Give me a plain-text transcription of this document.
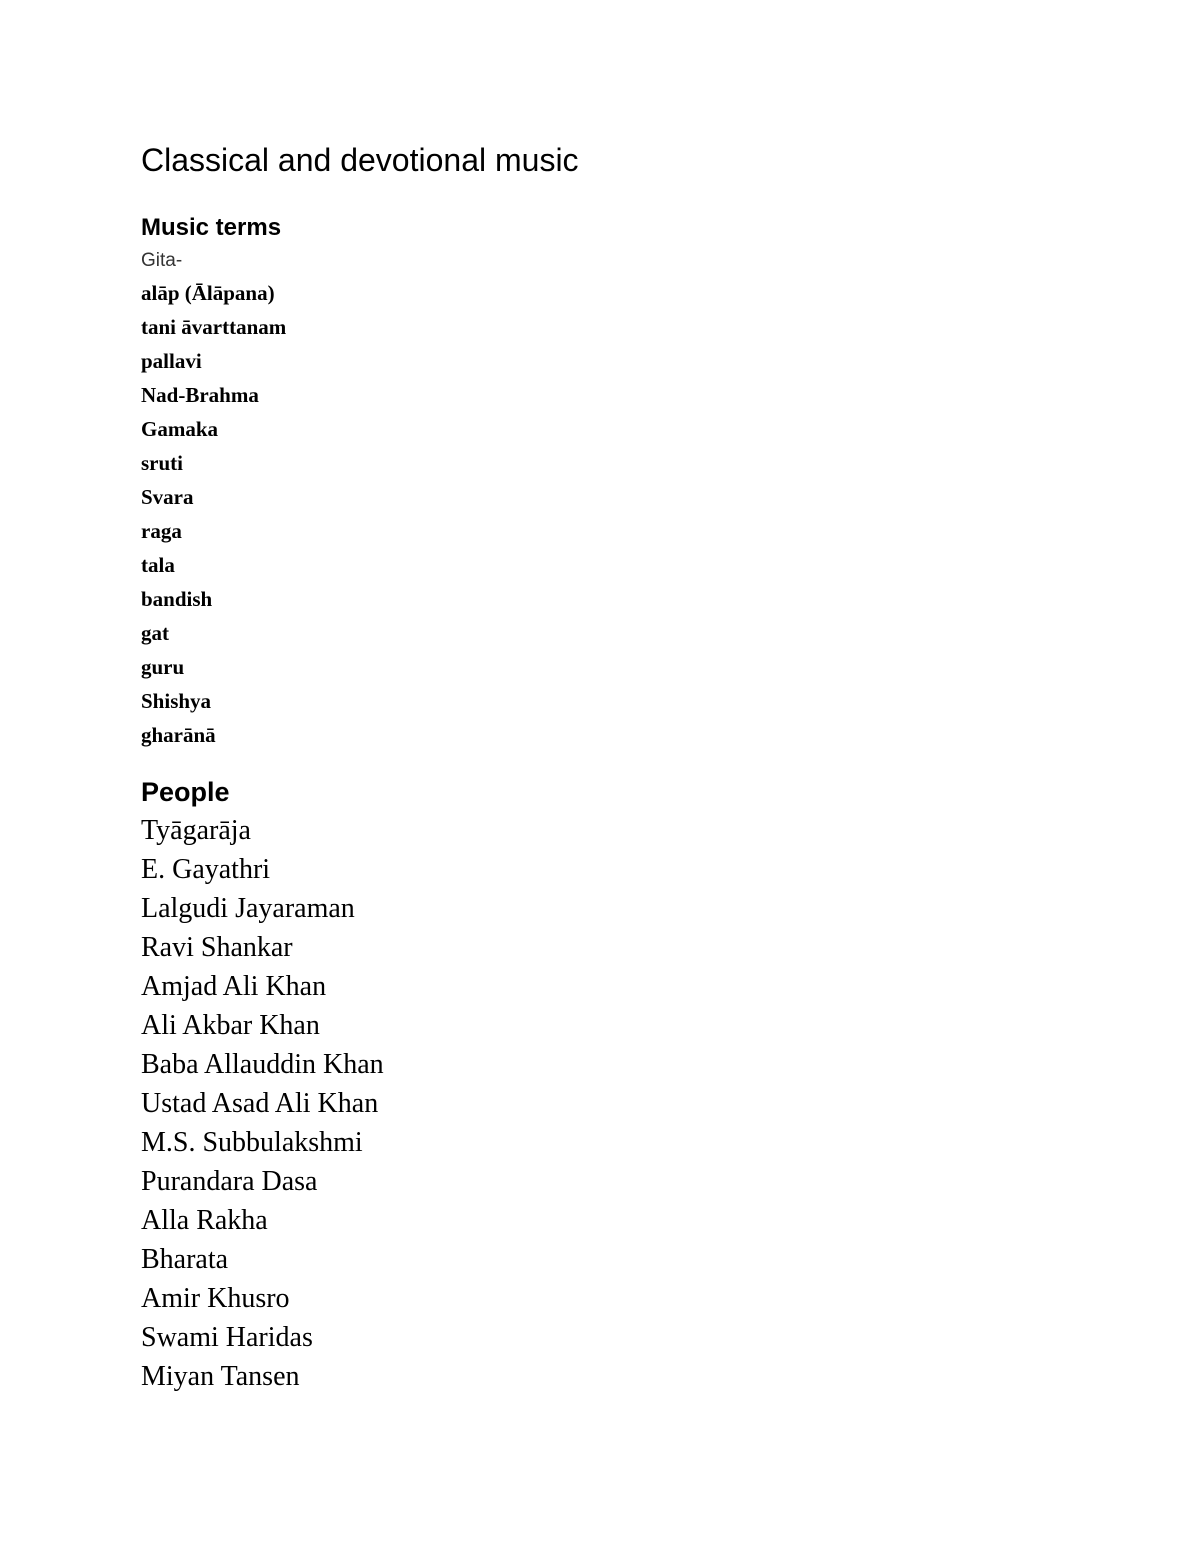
Classical and devotional music
Music terms
Gita-
alāp (Ālāpana)
tani āvarttanam
pallavi
Nad-Brahma
Gamaka
sruti
Svara
raga
tala
bandish
gat
guru
Shishya
gharānā
People
Tyāgarāja
E. Gayathri
Lalgudi Jayaraman
Ravi Shankar
Amjad Ali Khan
Ali Akbar Khan
Baba Allauddin Khan
Ustad Asad Ali Khan
M.S. Subbulakshmi
Purandara Dasa
Alla Rakha
Bharata
Amir Khusro
Swami Haridas
Miyan Tansen
